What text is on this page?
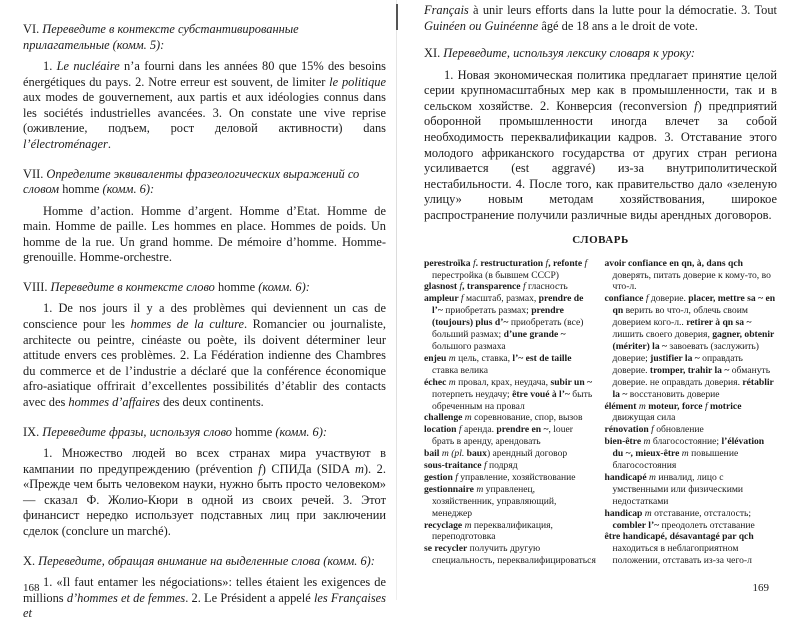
VI. Переведите в контексте субстантивированные прилагательные (комм. 5):

1. Le nucléaire n’a fourni dans les années 80 que 15% des besoins énergétiques du pays. 2. Notre erreur est souvent, de limiter le politique aux modes de gouvernement, aux partis et aux idéologies connus dans les sociétés industrielles avancées. 3. On constate une vive reprise (оживление, подъем, рост деловой активности) dans l’électroménager.

VII. Определите эквиваленты фразеологических выражений со словом homme (комм. 6):

Homme d’action. Homme d’argent. Homme d’Etat. Homme de main. Homme de paille. Les hommes en place. Hommes de poids. Un homme de la rue. Un grand homme. De mémoire d’homme. Homme-grenouille. Homme-orchestre.

VIII. Переведите в контексте слово homme (комм. 6):

1. De nos jours il y a des problèmes qui deviennent un cas de conscience pour les hommes de la culture. Romancier ou journaliste, architecte ou peintre, cinéaste ou poète, ils doivent déterminer leur attitude envers ces problèmes. 2. La Fédération indienne des Chambres du commerce et de l’industrie a déclaré que la conférence économique afro-asiatique offrirait d’excellentes possibilités d’établir des contacts avec des hommes d’affaires des deux continents.

IX. Переведите фразы, используя слово homme (комм. 6):

1. Множество людей во всех странах мира участвуют в кампании по предупреждению (prévention f) СПИДа (SIDA m). 2. «Прежде чем быть человеком науки, нужно быть просто человеком» — сказал Ф. Жолио-Кюри в одной из своих речей. 3. Этот финансист нередко использует подставных лиц при заключении сделок (conclure un marché).

X. Переведите, обращая внимание на выделенные слова (комм. 6):

1. «Il faut entamer les négociations»: telles étaient les exigences de millions d’hommes et de femmes. 2. Le Président a appelé les Françaises et

168

Français à unir leurs efforts dans la lutte pour la démocratie. 3. Tout Guinéen ou Guinéenne âgé de 18 ans a le droit de vote.

XI. Переведите, используя лексику словаря к уроку:

1. Новая экономическая политика предлагает принятие целой серии крупномасштабных мер как в промышленности, так и в сельском хозяйстве. 2. Конверсия (reconversion f) предприятий оборонной промышленности иногда влечет за собой необходимость переквалификации кадров. 3. Отставание этого молодого африканского государства от других стран региона усиливается (est aggravé) из-за внутриполитической нестабильности. 4. После того, как правительство дало «зеленую улицу» новым методам хозяйствования, широкое распространение получили различные виды арендных договоров.

СЛОВАРЬ
perestroïka f. restructuration f, refonte f перестройка (в бывшем СССР)
glasnost f, transparence f гласность
ampleur f масштаб, размах, prendre de l’~ приобретать размах; prendre (toujours) plus d’~ приобретать (все) больший размах; d’une grande ~ большого размаха
enjeu m цель, ставка, l’~ est de taille ставка велика
échec m провал, крах, неудача, subir un ~ потерпеть неудачу; être voué à l’~ быть обреченным на провал
challenge m соревнование, спор, вызов
location f аренда. prendre en ~, louer брать в аренду, арендовать
bail m (pl. baux) арендный договор
sous-traitance f подряд
gestion f управление, хозяйствование
gestionnaire m управленец, хозяйственник, управляющий, менеджер
recyclage m переквалификация, переподготовка
se recycler получить другую специальность, переквалифицироваться
avoir confiance en qn, à, dans qch доверять, питать доверие к кому-то, во что-л.
confiance f доверие. placer, mettre sa ~ en qn верить во что-л, облечь своим доверием кого-л.. retirer à qn sa ~ лишить своего доверия, gagner, obtenir (mériter) la ~ завоевать (заслужить) доверие; justifier la ~ оправдать доверие. tromper, trahir la ~ обмануть доверие. не оправдать доверия. rétablir la ~ восстановить доверие
élément m moteur, force f motrice движущая сила
rénovation f обновление
bien-être m благосостояние; l’élévation du ~, mieux-être m повышение благосостояния
handicapé m инвалид, лицо с умственными или физическими недостатками
handicap m отставание, отсталость; combler l’~ преодолеть отставание
être handicapé, désavantagé par qch находиться в неблагоприятном положении, отставать из-за чего-л
169
